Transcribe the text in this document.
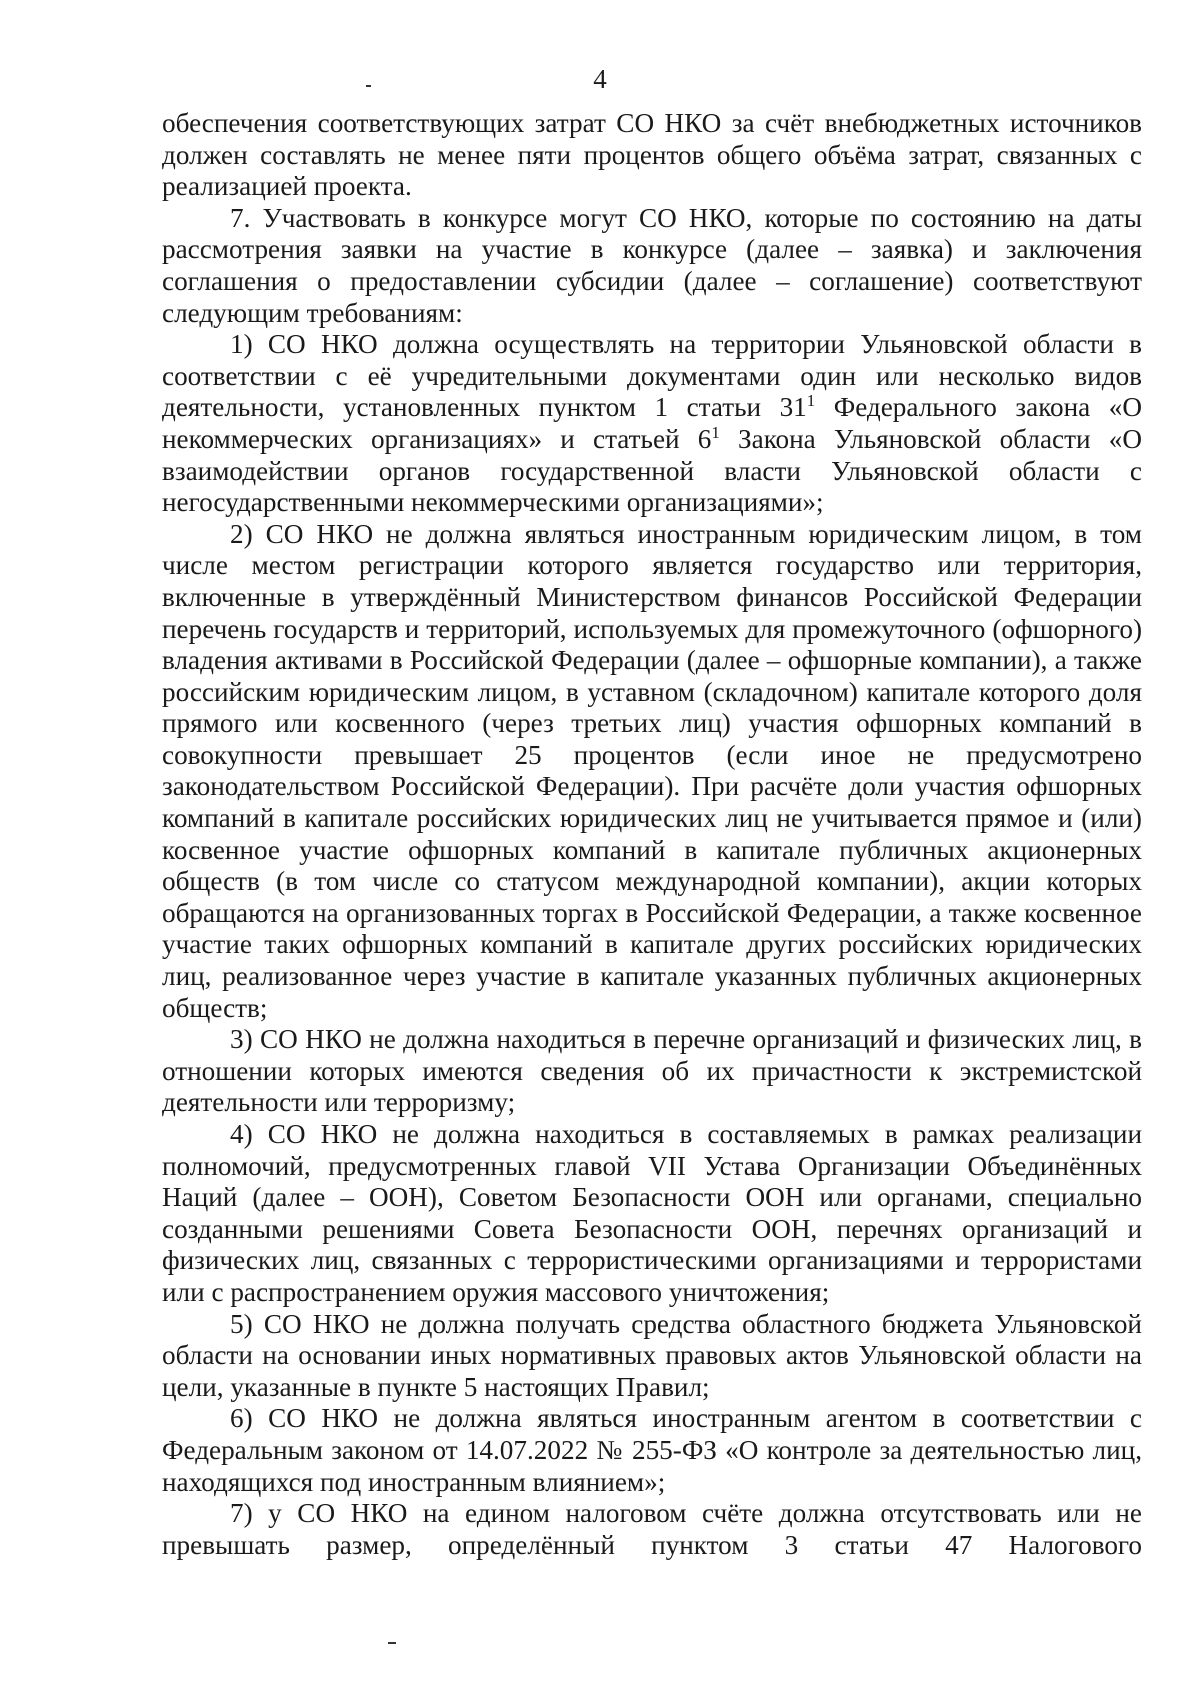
4

обеспечения соответствующих затрат СО НКО за счёт внебюджетных источников должен составлять не менее пяти процентов общего объёма затрат, связанных с реализацией проекта.

7. Участвовать в конкурсе могут СО НКО, которые по состоянию на даты рассмотрения заявки на участие в конкурсе (далее – заявка) и заключения соглашения о предоставлении субсидии (далее – соглашение) соответствуют следующим требованиям:

1) СО НКО должна осуществлять на территории Ульяновской области в соответствии с её учредительными документами один или несколько видов деятельности, установленных пунктом 1 статьи $31^1$ Федерального закона «О некоммерческих организациях» и статьей $6^1$ Закона Ульяновской области «О взаимодействии органов государственной власти Ульяновской области с негосударственными некоммерческими организациями»;

2) СО НКО не должна являться иностранным юридическим лицом, в том числе местом регистрации которого является государство или территория, включенные в утверждённый Министерством финансов Российской Федерации перечень государств и территорий, используемых для промежуточного (офшорного) владения активами в Российской Федерации (далее – офшорные компании), а также российским юридическим лицом, в уставном (складочном) капитале которого доля прямого или косвенного (через третьих лиц) участия офшорных компаний в совокупности превышает 25 процентов (если иное не предусмотрено законодательством Российской Федерации). При расчёте доли участия офшорных компаний в капитале российских юридических лиц не учитывается прямое и (или) косвенное участие офшорных компаний в капитале публичных акционерных обществ (в том числе со статусом международной компании), акции которых обращаются на организованных торгах в Российской Федерации, а также косвенное участие таких офшорных компаний в капитале других российских юридических лиц, реализованное через участие в капитале указанных публичных акционерных обществ;

3) СО НКО не должна находиться в перечне организаций и физических лиц, в отношении которых имеются сведения об их причастности к экстремистской деятельности или терроризму;

4) СО НКО не должна находиться в составляемых в рамках реализации полномочий, предусмотренных главой VII Устава Организации Объединённых Наций (далее – ООН), Советом Безопасности ООН или органами, специально созданными решениями Совета Безопасности ООН, перечнях организаций и физических лиц, связанных с террористическими организациями и террористами или с распространением оружия массового уничтожения;

5) СО НКО не должна получать средства областного бюджета Ульяновской области на основании иных нормативных правовых актов Ульяновской области на цели, указанные в пункте 5 настоящих Правил;

6) СО НКО не должна являться иностранным агентом в соответствии с Федеральным законом от 14.07.2022 № 255-ФЗ «О контроле за деятельностью лиц, находящихся под иностранным влиянием»;

7) у СО НКО на едином налоговом счёте должна отсутствовать или не превышать размер, определённый пунктом 3 статьи 47 Налогового
